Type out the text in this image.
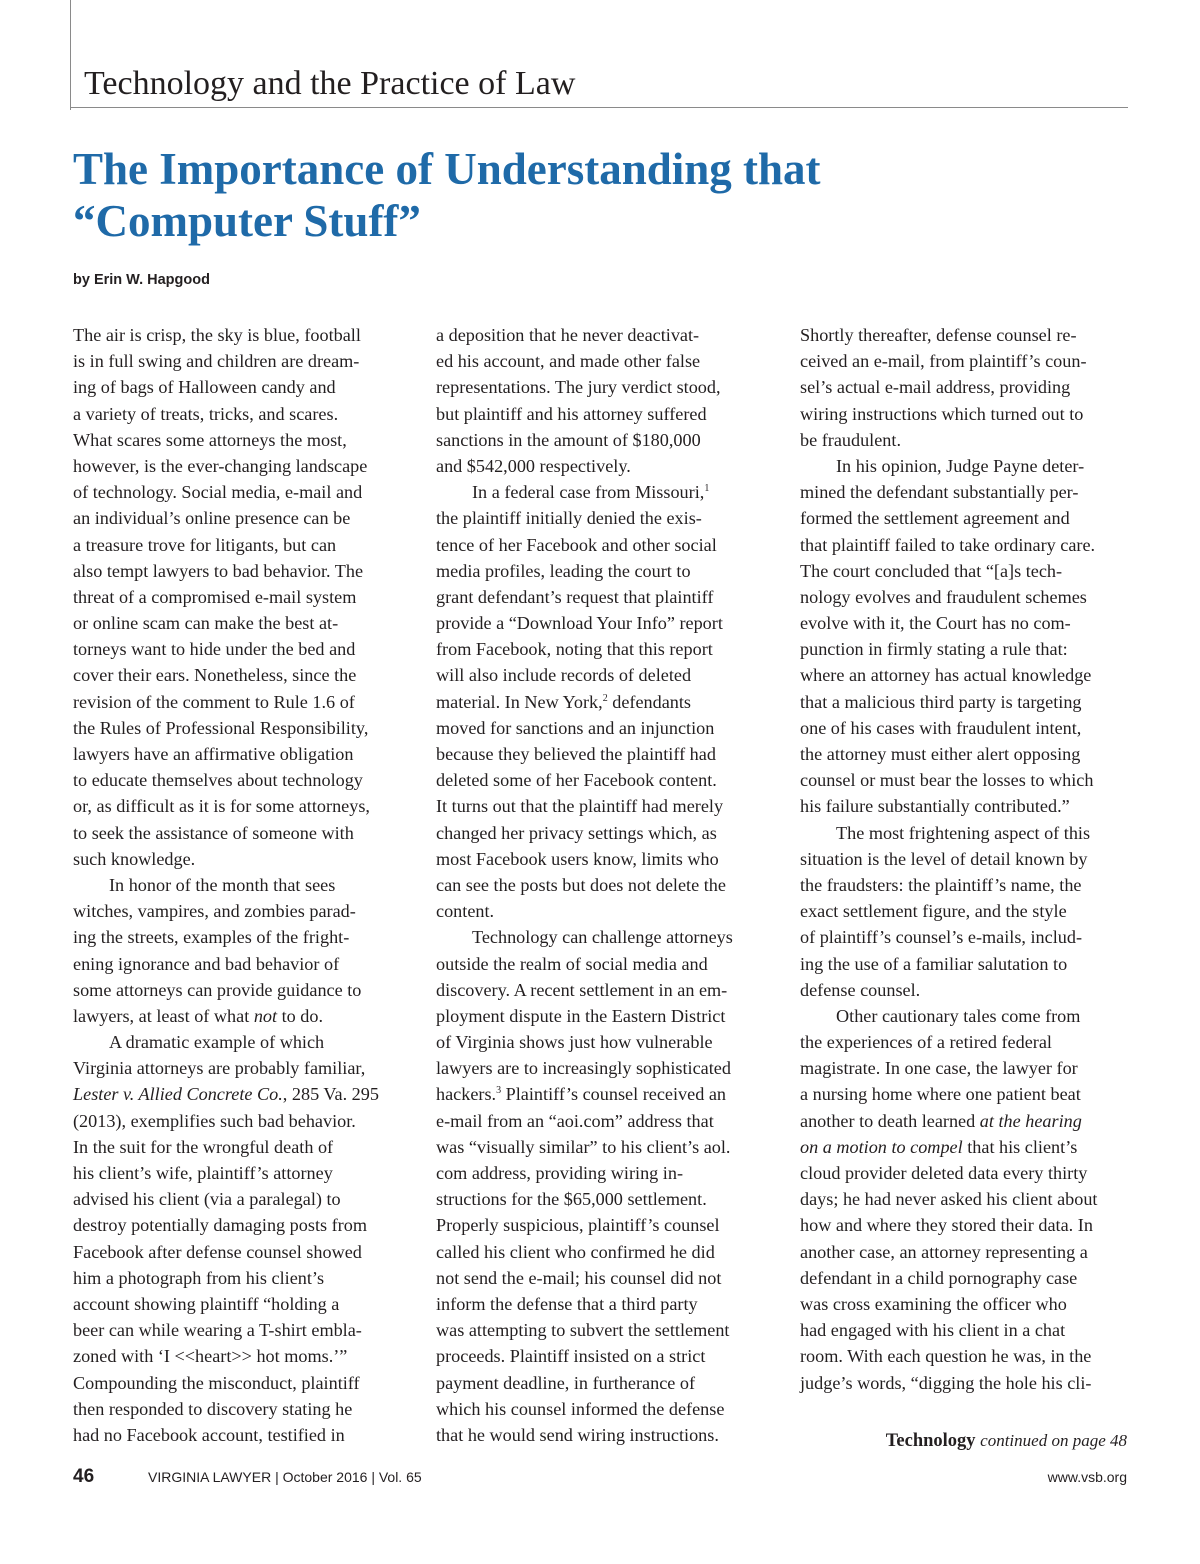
Technology and the Practice of Law
The Importance of Understanding that
“Computer Stuff”
by Erin W. Hapgood
The air is crisp, the sky is blue, football
is in full swing and children are dream-
ing of bags of Halloween candy and
a variety of treats, tricks, and scares.
What scares some attorneys the most,
however, is the ever-changing landscape
of technology. Social media, e-mail and
an individual’s online presence can be
a treasure trove for litigants, but can
also tempt lawyers to bad behavior. The
threat of a compromised e-mail system
or online scam can make the best at-
torneys want to hide under the bed and
cover their ears. Nonetheless, since the
revision of the comment to Rule 1.6 of
the Rules of Professional Responsibility,
lawyers have an affirmative obligation
to educate themselves about technology
or, as difficult as it is for some attorneys,
to seek the assistance of someone with
such knowledge.
In honor of the month that sees
witches, vampires, and zombies parad-
ing the streets, examples of the fright-
ening ignorance and bad behavior of
some attorneys can provide guidance to
lawyers, at least of what not to do.
A dramatic example of which
Virginia attorneys are probably familiar,
Lester v. Allied Concrete Co., 285 Va. 295
(2013), exemplifies such bad behavior.
In the suit for the wrongful death of
his client’s wife, plaintiff’s attorney
advised his client (via a paralegal) to
destroy potentially damaging posts from
Facebook after defense counsel showed
him a photograph from his client’s
account showing plaintiff “holding a
beer can while wearing a T-shirt embla-
zoned with ‘I <<heart>> hot moms.’”
Compounding the misconduct, plaintiff
then responded to discovery stating he
had no Facebook account, testified in
a deposition that he never deactivat-
ed his account, and made other false
representations. The jury verdict stood,
but plaintiff and his attorney suffered
sanctions in the amount of $180,000
and $542,000 respectively.
In a federal case from Missouri,$^1$
the plaintiff initially denied the exis-
tence of her Facebook and other social
media profiles, leading the court to
grant defendant’s request that plaintiff
provide a “Download Your Info” report
from Facebook, noting that this report
will also include records of deleted
material. In New York,$^2$ defendants
moved for sanctions and an injunction
because they believed the plaintiff had
deleted some of her Facebook content.
It turns out that the plaintiff had merely
changed her privacy settings which, as
most Facebook users know, limits who
can see the posts but does not delete the
content.
Technology can challenge attorneys
outside the realm of social media and
discovery. A recent settlement in an em-
ployment dispute in the Eastern District
of Virginia shows just how vulnerable
lawyers are to increasingly sophisticated
hackers.$^3$ Plaintiff’s counsel received an
e-mail from an “aoi.com” address that
was “visually similar” to his client’s aol.
com address, providing wiring in-
structions for the $65,000 settlement.
Properly suspicious, plaintiff’s counsel
called his client who confirmed he did
not send the e-mail; his counsel did not
inform the defense that a third party
was attempting to subvert the settlement
proceeds. Plaintiff insisted on a strict
payment deadline, in furtherance of
which his counsel informed the defense
that he would send wiring instructions.
Shortly thereafter, defense counsel re-
ceived an e-mail, from plaintiff’s coun-
sel’s actual e-mail address, providing
wiring instructions which turned out to
be fraudulent.
In his opinion, Judge Payne deter-
mined the defendant substantially per-
formed the settlement agreement and
that plaintiff failed to take ordinary care.
The court concluded that “[a]s tech-
nology evolves and fraudulent schemes
evolve with it, the Court has no com-
punction in firmly stating a rule that:
where an attorney has actual knowledge
that a malicious third party is targeting
one of his cases with fraudulent intent,
the attorney must either alert opposing
counsel or must bear the losses to which
his failure substantially contributed.”
The most frightening aspect of this
situation is the level of detail known by
the fraudsters: the plaintiff’s name, the
exact settlement figure, and the style
of plaintiff’s counsel’s e-mails, includ-
ing the use of a familiar salutation to
defense counsel.
Other cautionary tales come from
the experiences of a retired federal
magistrate. In one case, the lawyer for
a nursing home where one patient beat
another to death learned at the hearing
on a motion to compel that his client’s
cloud provider deleted data every thirty
days; he had never asked his client about
how and where they stored their data. In
another case, an attorney representing a
defendant in a child pornography case
was cross examining the officer who
had engaged with his client in a chat
room. With each question he was, in the
judge’s words, “digging the hole his cli-
Technology continued on page 48
46	VIRGINIA LAWYER | October 2016 | Vol. 65	www.vsb.org
